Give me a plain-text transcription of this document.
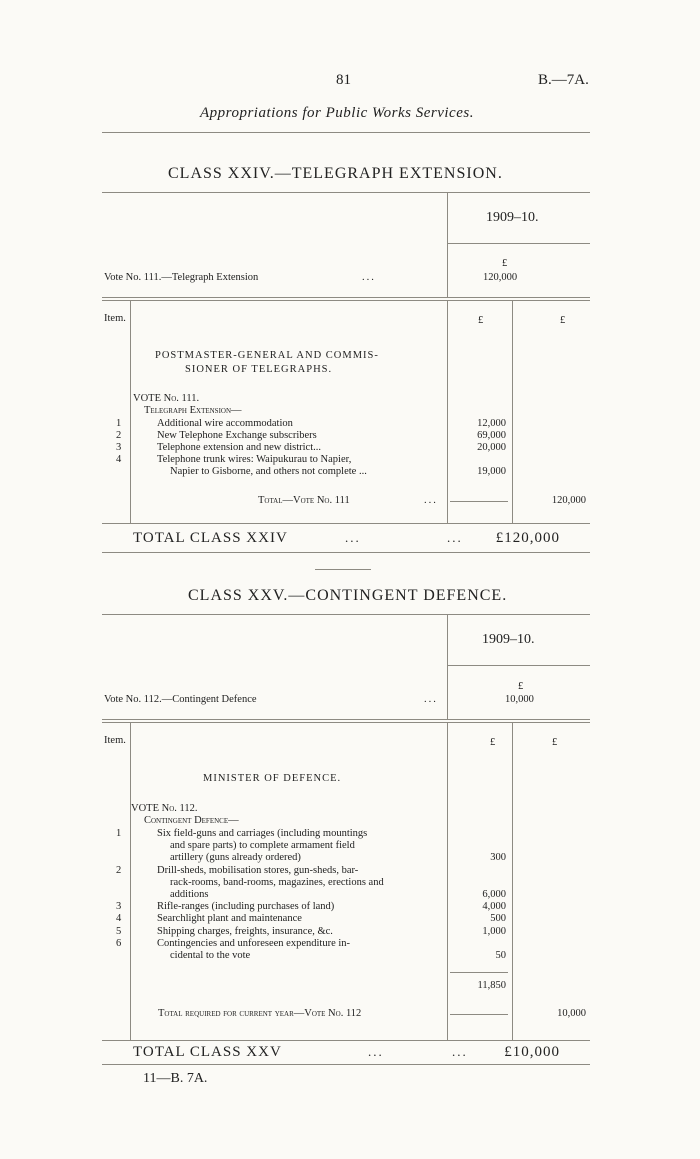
81	B.—7A.
Appropriations for Public Works Services.
CLASS XXIV.—TELEGRAPH EXTENSION.
1909–10.
£
Vote No. 111.—Telegraph Extension	...	120,000
Item.	£	£
POSTMASTER-GENERAL AND COMMIS-
SIONER OF TELEGRAPHS.
VOTE No. 111.
Telegraph Extension—
1	Additional wire accommodation	12,000
2	New Telephone Exchange subscribers	69,000
3	Telephone extension and new district...	20,000
4	Telephone trunk wires: Waipukurau to Napier,
Napier to Gisborne, and others not complete ...	19,000
Total—Vote No. 111	...	120,000
TOTAL CLASS XXIV	...	...	£120,000
CLASS XXV.—CONTINGENT DEFENCE.
1909–10.
£
Vote No. 112.—Contingent Defence	...	10,000
Item.	£	£
MINISTER OF DEFENCE.
VOTE No. 112.
Contingent Defence—
1	Six field-guns and carriages (including mountings
and spare parts) to complete armament field
artillery (guns already ordered)	300
2	Drill-sheds, mobilisation stores, gun-sheds, bar-
rack-rooms, band-rooms, magazines, erections and
additions	6,000
3	Rifle-ranges (including purchases of land)	4,000
4	Searchlight plant and maintenance	500
5	Shipping charges, freights, insurance, &c.	1,000
6	Contingencies and unforeseen expenditure in-
cidental to the vote	50
11,850
Total required for current year—Vote No. 112	10,000
TOTAL CLASS XXV	...	...	£10,000
11—B. 7A.
